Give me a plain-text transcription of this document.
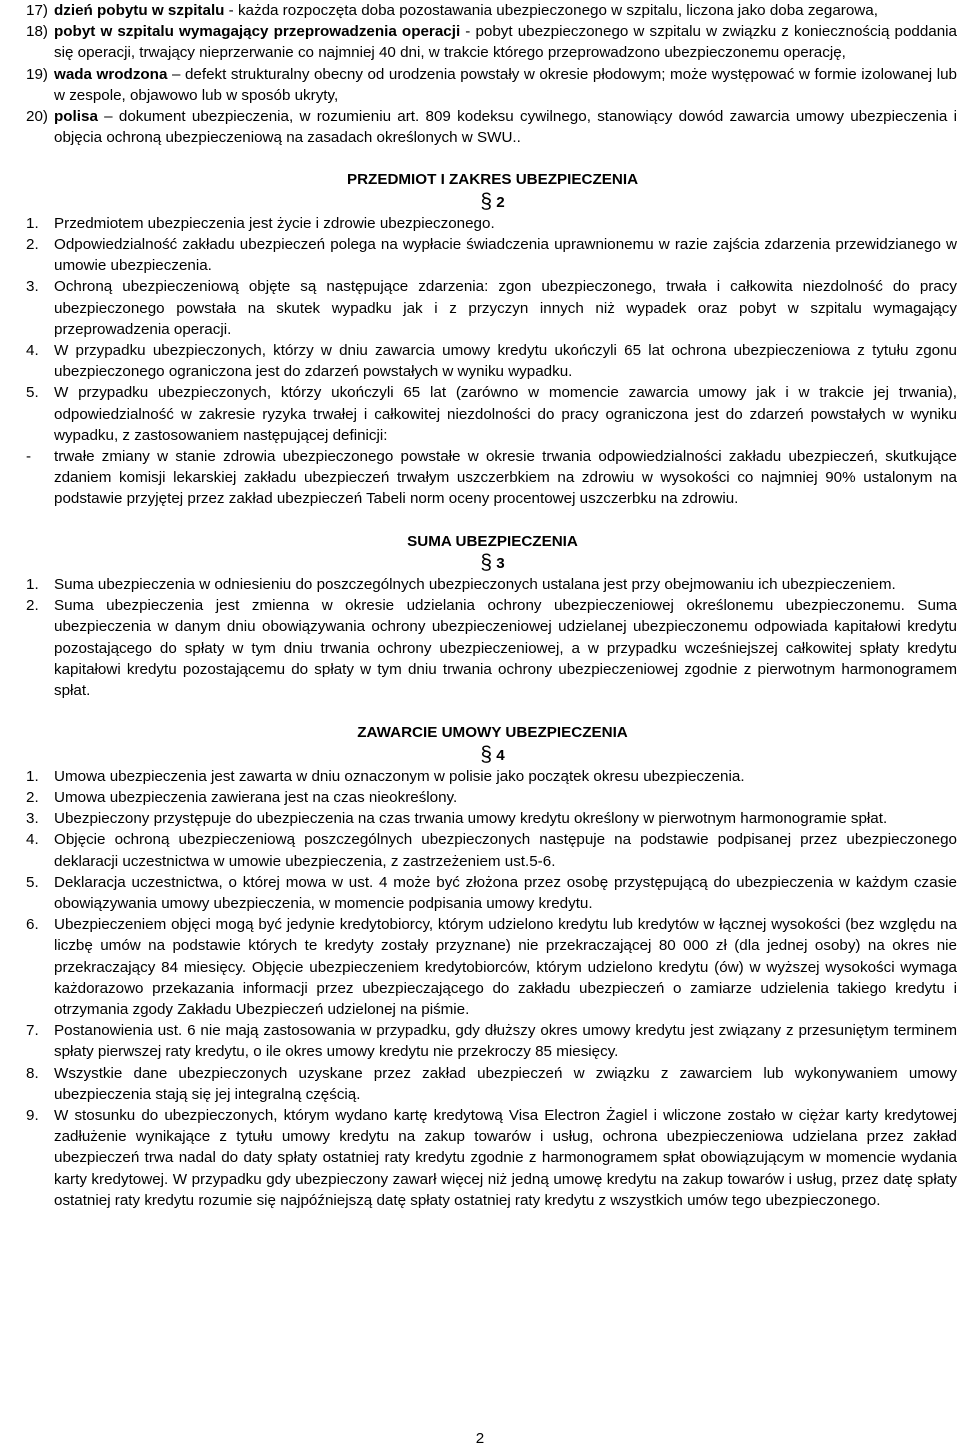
17) dzień pobytu w szpitalu - każda rozpoczęta doba pozostawania ubezpieczonego w szpitalu, liczona jako doba zegarowa,
18) pobyt w szpitalu wymagający przeprowadzenia operacji - pobyt ubezpieczonego w szpitalu w związku z koniecznością poddania się operacji, trwający nieprzerwanie co najmniej 40 dni, w trakcie którego przeprowadzono ubezpieczonemu operację,
19) wada wrodzona – defekt strukturalny obecny od urodzenia powstały w okresie płodowym; może występować w formie izolowanej lub w zespole, objawowo lub w sposób ukryty,
20) polisa – dokument ubezpieczenia, w rozumieniu art. 809 kodeksu cywilnego, stanowiący dowód zawarcia umowy ubezpieczenia i objęcia ochroną ubezpieczeniową na zasadach określonych w SWU..
PRZEDMIOT I ZAKRES UBEZPIECZENIA
§ 2
1. Przedmiotem ubezpieczenia jest życie i zdrowie ubezpieczonego.
2. Odpowiedzialność zakładu ubezpieczeń polega na wypłacie świadczenia uprawnionemu w razie zajścia zdarzenia przewidzianego w umowie ubezpieczenia.
3. Ochroną ubezpieczeniową objęte są następujące zdarzenia: zgon ubezpieczonego, trwała i całkowita niezdolność do pracy ubezpieczonego powstała na skutek wypadku jak i z przyczyn innych niż wypadek oraz pobyt w szpitalu wymagający przeprowadzenia operacji.
4. W przypadku ubezpieczonych, którzy w dniu zawarcia umowy kredytu ukończyli 65 lat ochrona ubezpieczeniowa z tytułu zgonu ubezpieczonego ograniczona jest do zdarzeń powstałych w wyniku wypadku.
5. W przypadku ubezpieczonych, którzy ukończyli 65 lat (zarówno w momencie zawarcia umowy jak i w trakcie jej trwania), odpowiedzialność w zakresie ryzyka trwałej i całkowitej niezdolności do pracy ograniczona jest do zdarzeń powstałych w wyniku wypadku, z zastosowaniem następującej definicji:
- trwałe zmiany w stanie zdrowia ubezpieczonego powstałe w okresie trwania odpowiedzialności zakładu ubezpieczeń, skutkujące zdaniem komisji lekarskiej zakładu ubezpieczeń trwałym uszczerbkiem na zdrowiu w wysokości co najmniej 90% ustalonym na podstawie przyjętej przez zakład ubezpieczeń Tabeli norm oceny procentowej uszczerbku na zdrowiu.
SUMA UBEZPIECZENIA
§ 3
1. Suma ubezpieczenia w odniesieniu do poszczególnych ubezpieczonych ustalana jest przy obejmowaniu ich ubezpieczeniem.
2. Suma ubezpieczenia jest zmienna w okresie udzielania ochrony ubezpieczeniowej określonemu ubezpieczonemu. Suma ubezpieczenia w danym dniu obowiązywania ochrony ubezpieczeniowej udzielanej ubezpieczonemu odpowiada kapitałowi kredytu pozostającego do spłaty w tym dniu trwania ochrony ubezpieczeniowej, a w przypadku wcześniejszej całkowitej spłaty kredytu kapitałowi kredytu pozostającemu do spłaty w tym dniu trwania ochrony ubezpieczeniowej zgodnie z pierwotnym harmonogramem spłat.
ZAWARCIE UMOWY UBEZPIECZENIA
§ 4
1. Umowa ubezpieczenia jest zawarta w dniu oznaczonym w polisie jako początek okresu ubezpieczenia.
2. Umowa ubezpieczenia zawierana jest na czas nieokreślony.
3. Ubezpieczony przystępuje do ubezpieczenia na czas trwania umowy kredytu określony w pierwotnym harmonogramie spłat.
4. Objęcie ochroną ubezpieczeniową poszczególnych ubezpieczonych następuje na podstawie podpisanej przez ubezpieczonego deklaracji uczestnictwa w umowie ubezpieczenia, z zastrzeżeniem ust.5-6.
5. Deklaracja uczestnictwa, o której mowa w ust. 4 może być złożona przez osobę przystępującą do ubezpieczenia w każdym czasie obowiązywania umowy ubezpieczenia, w momencie podpisania umowy kredytu.
6. Ubezpieczeniem objęci mogą być jedynie kredytobiorcy, którym udzielono kredytu lub kredytów w łącznej wysokości (bez względu na liczbę umów na podstawie których te kredyty zostały przyznane) nie przekraczającej 80 000 zł (dla jednej osoby) na okres nie przekraczający 84 miesięcy. Objęcie ubezpieczeniem kredytobiorców, którym udzielono kredytu (ów) w wyższej wysokości wymaga każdorazowo przekazania informacji przez ubezpieczającego do zakładu ubezpieczeń o zamiarze udzielenia takiego kredytu i otrzymania zgody Zakładu Ubezpieczeń udzielonej na piśmie.
7. Postanowienia ust. 6 nie mają zastosowania w przypadku, gdy dłuższy okres umowy kredytu jest związany z przesuniętym terminem spłaty pierwszej raty kredytu, o ile okres umowy kredytu nie przekroczy 85 miesięcy.
8. Wszystkie dane ubezpieczonych uzyskane przez zakład ubezpieczeń w związku z zawarciem lub wykonywaniem umowy ubezpieczenia stają się jej integralną częścią.
9. W stosunku do ubezpieczonych, którym wydano kartę kredytową Visa Electron Żagiel i wliczone zostało w ciężar karty kredytowej zadłużenie wynikające z tytułu umowy kredytu na zakup towarów i usług, ochrona ubezpieczeniowa udzielana przez zakład ubezpieczeń trwa nadal do daty spłaty ostatniej raty kredytu zgodnie z harmonogramem spłat obowiązującym w momencie wydania karty kredytowej. W przypadku gdy ubezpieczony zawarł więcej niż jedną umowę kredytu na zakup towarów i usług, przez datę spłaty ostatniej raty kredytu rozumie się najpóźniejszą datę spłaty ostatniej raty kredytu z wszystkich umów tego ubezpieczonego.
2
